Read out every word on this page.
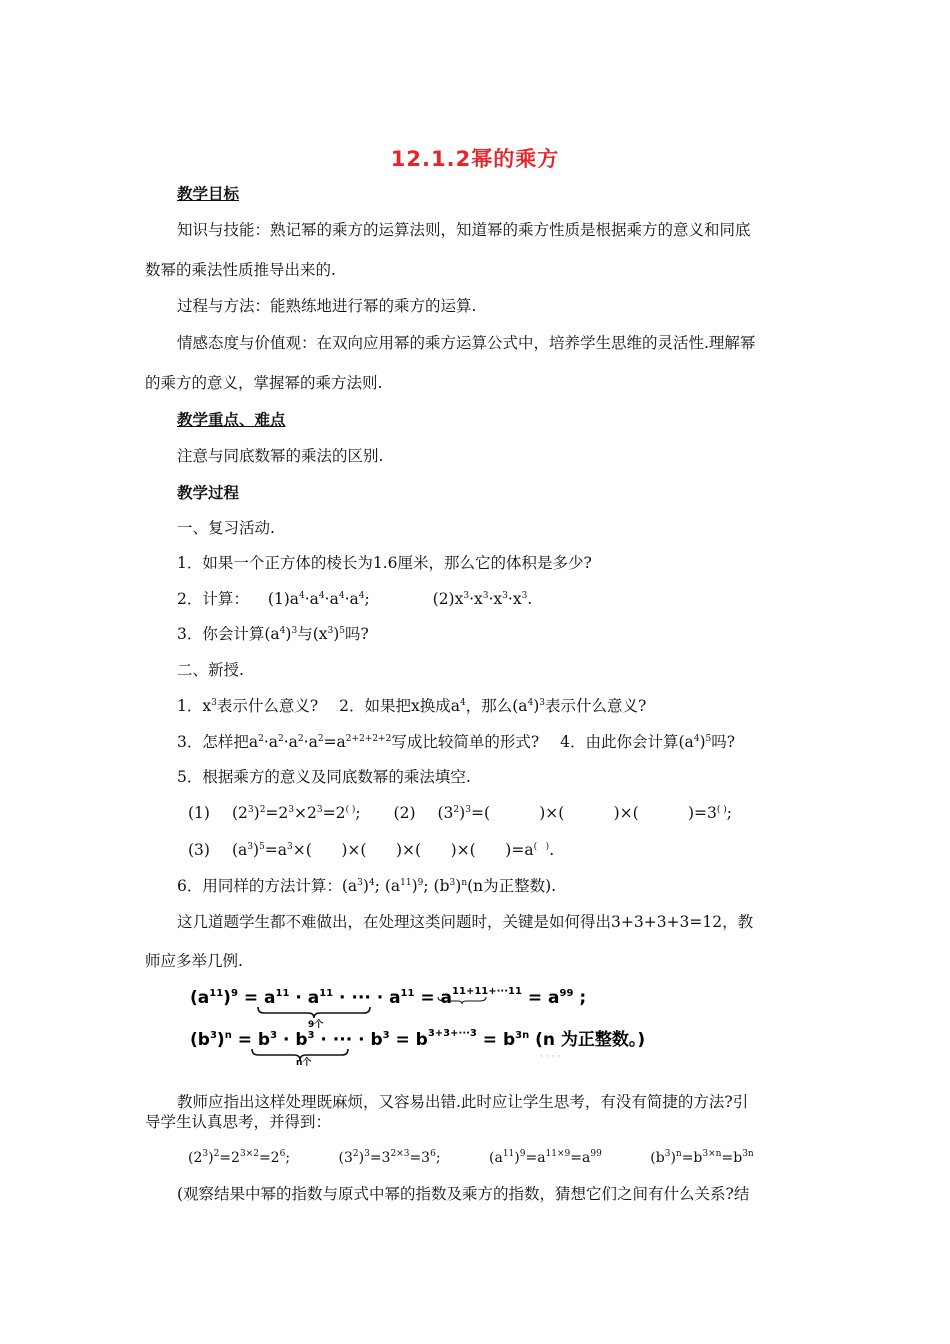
12.1.2幂的乘方
教学目标
知识与技能：熟记幂的乘方的运算法则，知道幂的乘方性质是根据乘方的意义和同底
数幂的乘法性质推导出来的.
过程与方法：能熟练地进行幂的乘方的运算.
情感态度与价值观：在双向应用幂的乘方运算公式中，培养学生思维的灵活性.理解幂
的乘方的意义，掌握幂的乘方法则.
教学重点、难点
注意与同底数幂的乘法的区别.
教学过程
一、复习活动.
1．如果一个正方体的棱长为1.6厘米，那么它的体积是多少?
2．计算： $(1)a^4\cdot a^4\cdot a^4\cdot a^4$;	$(2)x^3\cdot x^3\cdot x^3\cdot x^3$.
3．你会计算$(a^4)^3$与$(x^3)^5$吗?
二、新授.
1．$x^3$表示什么意义? 2．如果把x换成$a^4$，那么$(a^4)^3$表示什么意义?
3．怎样把$a^2\cdot a^2\cdot a^2\cdot a^2=a^{2+2+2+2}$写成比较简单的形式? 4．由此你会计算$(a^4)^5$吗?
5．根据乘方的意义及同底数幂的乘法填空.
(1) $(2^3)^2=2^3\times 2^3=2^{( )}$; (2) $(3^2)^3=$(          )×(          )×(          )=3( );
(3) $(a^3)^5=a^3\times$(      )×(      )×(      )×(      )=a(   ).
6．用同样的方法计算：$(a^3)^4$; $(a^{11})^9$; $(b^3)^n(n$为正整数).
这几道题学生都不难做出，在处理这类问题时，关键是如何得出3+3+3+3=12，教
师应多举几例.
$(a^{11})^9 = a^{11} \cdot a^{11}$ · ··· · $a^{11} = a^{11+11+\cdot\cdot\cdot 11} = a^{99}$ ;
9个
$(b^3)^n = b^3 \cdot b^3$ · ··· · $b^3 = b^{3+3+\cdot\cdot\cdot 3} = b^{3n}$ (n 为正整数。)
n个
· · · ·
教师应指出这样处理既麻烦，又容易出错.此时应让学生思考，有没有简捷的方法?引
导学生认真思考，并得到：
$(2^3)^2=2^{3\times 2}=2^6$;	$(3^2)^3=3^{2\times 3}=3^6$;	$(a^{11})^9=a^{11\times 9}=a^{99}$	$(b^3)^n=b^{3\times n}=b^{3n}$
(观察结果中幂的指数与原式中幂的指数及乘方的指数，猜想它们之间有什么关系?结
